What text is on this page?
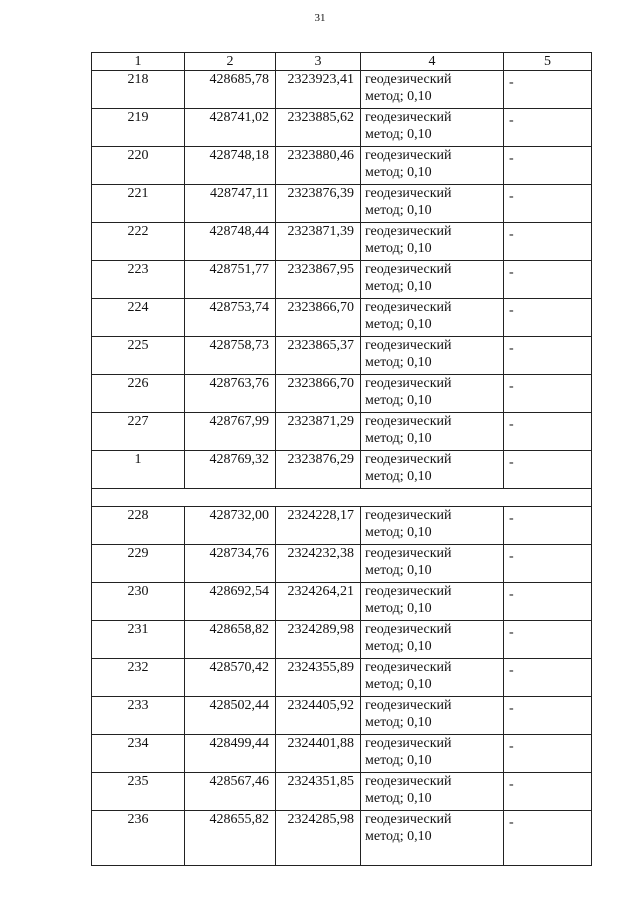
31
1	2	3	4	5
218	428685,78	2323923,41	геодезический
метод; 0,10	-
219	428741,02	2323885,62	геодезический
метод; 0,10	-
220	428748,18	2323880,46	геодезический
метод; 0,10	-
221	428747,11	2323876,39	геодезический
метод; 0,10	-
222	428748,44	2323871,39	геодезический
метод; 0,10	-
223	428751,77	2323867,95	геодезический
метод; 0,10	-
224	428753,74	2323866,70	геодезический
метод; 0,10	-
225	428758,73	2323865,37	геодезический
метод; 0,10	-
226	428763,76	2323866,70	геодезический
метод; 0,10	-
227	428767,99	2323871,29	геодезический
метод; 0,10	-
1	428769,32	2323876,29	геодезический
метод; 0,10	-

228	428732,00	2324228,17	геодезический
метод; 0,10	-
229	428734,76	2324232,38	геодезический
метод; 0,10	-
230	428692,54	2324264,21	геодезический
метод; 0,10	-
231	428658,82	2324289,98	геодезический
метод; 0,10	-
232	428570,42	2324355,89	геодезический
метод; 0,10	-
233	428502,44	2324405,92	геодезический
метод; 0,10	-
234	428499,44	2324401,88	геодезический
метод; 0,10	-
235	428567,46	2324351,85	геодезический
метод; 0,10	-
236	428655,82	2324285,98	геодезический
метод; 0,10	-
